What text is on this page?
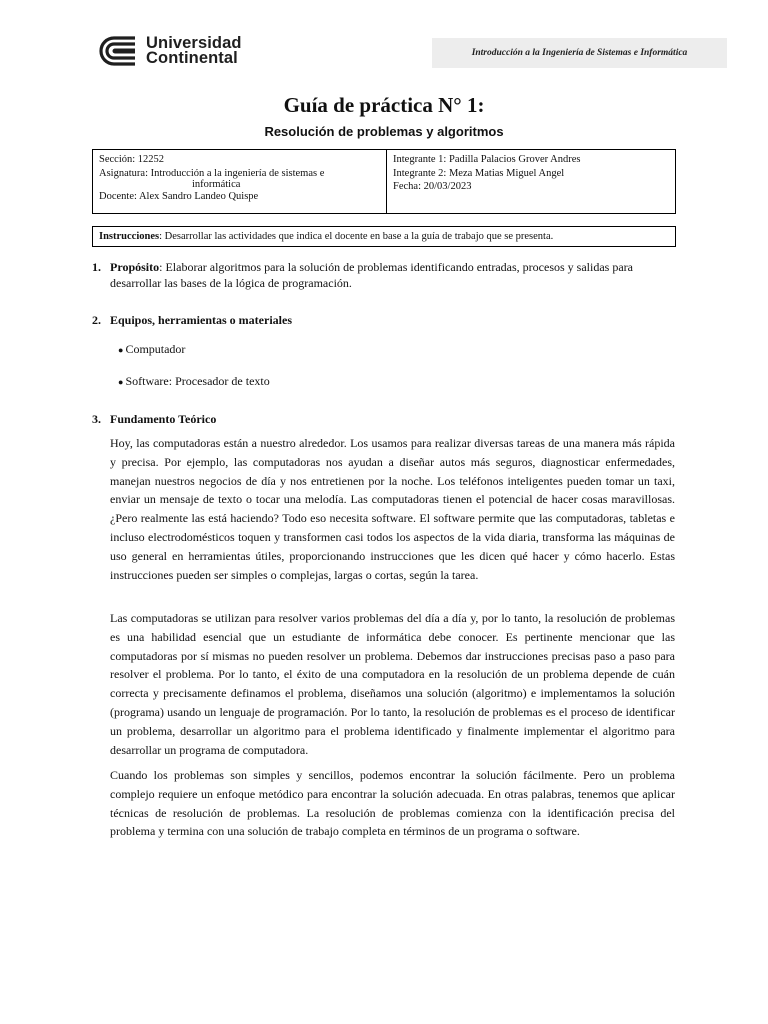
Universidad
Continental	Introducción a la Ingeniería de Sistemas e Informática
Guía de práctica N° 1:
Resolución de problemas y algoritmos
Sección: 12252
Asignatura: Introducción a la ingeniería de sistemas e
informática
Docente: Alex Sandro Landeo Quispe
Integrante 1: Padilla Palacios Grover Andres
Integrante 2: Meza Matias Miguel Angel
Fecha: 20/03/2023
Instrucciones: Desarrollar las actividades que indica el docente en base a la guía de trabajo que se presenta.
1. Propósito: Elaborar algoritmos para la solución de problemas identificando entradas, procesos y salidas para desarrollar las bases de la lógica de programación.
2. Equipos, herramientas o materiales
● Computador
● Software: Procesador de texto
3. Fundamento Teórico

Hoy, las computadoras están a nuestro alrededor. Los usamos para realizar diversas tareas de una manera más rápida y precisa. Por ejemplo, las computadoras nos ayudan a diseñar autos más seguros, diagnosticar enfermedades, manejan nuestros negocios de día y nos entretienen por la noche. Los teléfonos inteligentes pueden tomar un taxi, enviar un mensaje de texto o tocar una melodía. Las computadoras tienen el potencial de hacer cosas maravillosas. ¿Pero realmente las está haciendo? Todo eso necesita software. El software permite que las computadoras, tabletas e incluso electrodomésticos toquen y transformen casi todos los aspectos de la vida diaria, transforma las máquinas de uso general en herramientas útiles, proporcionando instrucciones que les dicen qué hacer y cómo hacerlo. Estas instrucciones pueden ser simples o complejas, largas o cortas, según la tarea.

Las computadoras se utilizan para resolver varios problemas del día a día y, por lo tanto, la resolución de problemas es una habilidad esencial que un estudiante de informática debe conocer. Es pertinente mencionar que las computadoras por sí mismas no pueden resolver un problema. Debemos dar instrucciones precisas paso a paso para resolver el problema. Por lo tanto, el éxito de una computadora en la resolución de un problema depende de cuán correcta y precisamente definamos el problema, diseñamos una solución (algoritmo) e implementamos la solución (programa) usando un lenguaje de programación. Por lo tanto, la resolución de problemas es el proceso de identificar un problema, desarrollar un algoritmo para el problema identificado y finalmente implementar el algoritmo para desarrollar un programa de computadora.

Cuando los problemas son simples y sencillos, podemos encontrar la solución fácilmente. Pero un problema complejo requiere un enfoque metódico para encontrar la solución adecuada. En otras palabras, tenemos que aplicar técnicas de resolución de problemas. La resolución de problemas comienza con la identificación precisa del problema y termina con una solución de trabajo completa en términos de un programa o software.
